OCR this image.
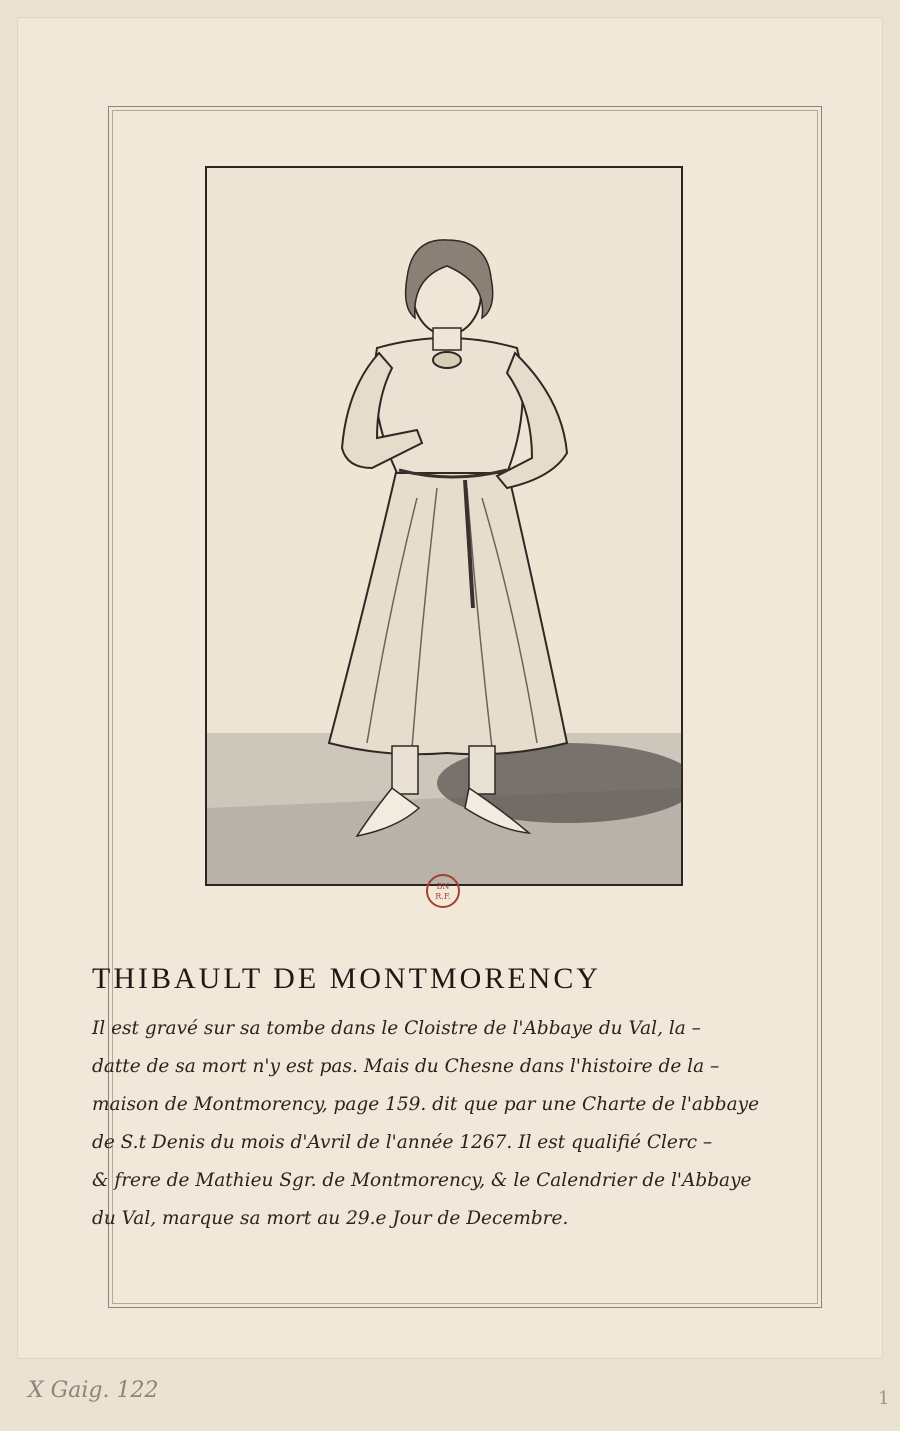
BN
R.F.
THIBAULT DE MONTMORENCY
Il est gravé sur sa tombe dans le Cloistre de l'Abbaye du Val, la –
datte de sa mort n'y est pas. Mais du Chesne dans l'histoire de la –
maison de Montmorency, page 159. dit que par une Charte de l'abbaye
de S.t Denis du mois d'Avril de l'année 1267. Il est qualifié Clerc –
& frere de Mathieu Sgr. de Montmorency, & le Calendrier de l'Abbaye
du Val, marque sa mort au 29.e Jour de Decembre.
X Gaig. 122	1
